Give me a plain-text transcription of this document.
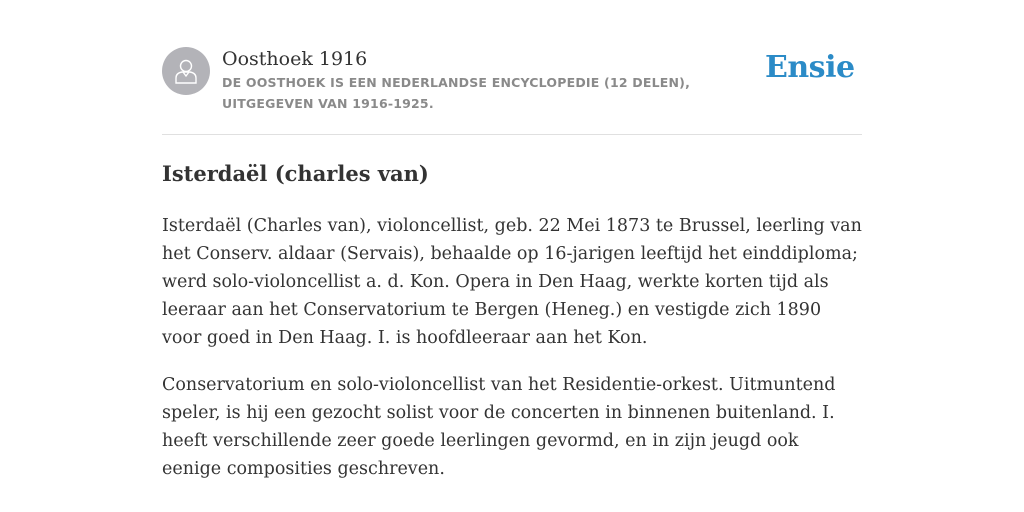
Oosthoek 1916
DE OOSTHOEK IS EEN NEDERLANDSE ENCYCLOPEDIE (12 DELEN), UITGEGEVEN VAN 1916-1925.
Ensie
Isterdaël (charles van)

Isterdaël (Charles van), violoncellist, geb. 22 Mei 1873 te Brussel, leerling van het Conserv. aldaar (Servais), behaalde op 16-jarigen leeftijd het einddiploma; werd solo-violoncellist a. d. Kon. Opera in Den Haag, werkte korten tijd als leeraar aan het Conservatorium te Bergen (Heneg.) en vestigde zich 1890 voor goed in Den Haag. I. is hoofdleeraar aan het Kon.

Conservatorium en solo-violoncellist van het Residentie-orkest. Uitmuntend speler, is hij een gezocht solist voor de concerten in binnenen buitenland. I. heeft verschillende zeer goede leerlingen gevormd, en in zijn jeugd ook eenige composities geschreven.
